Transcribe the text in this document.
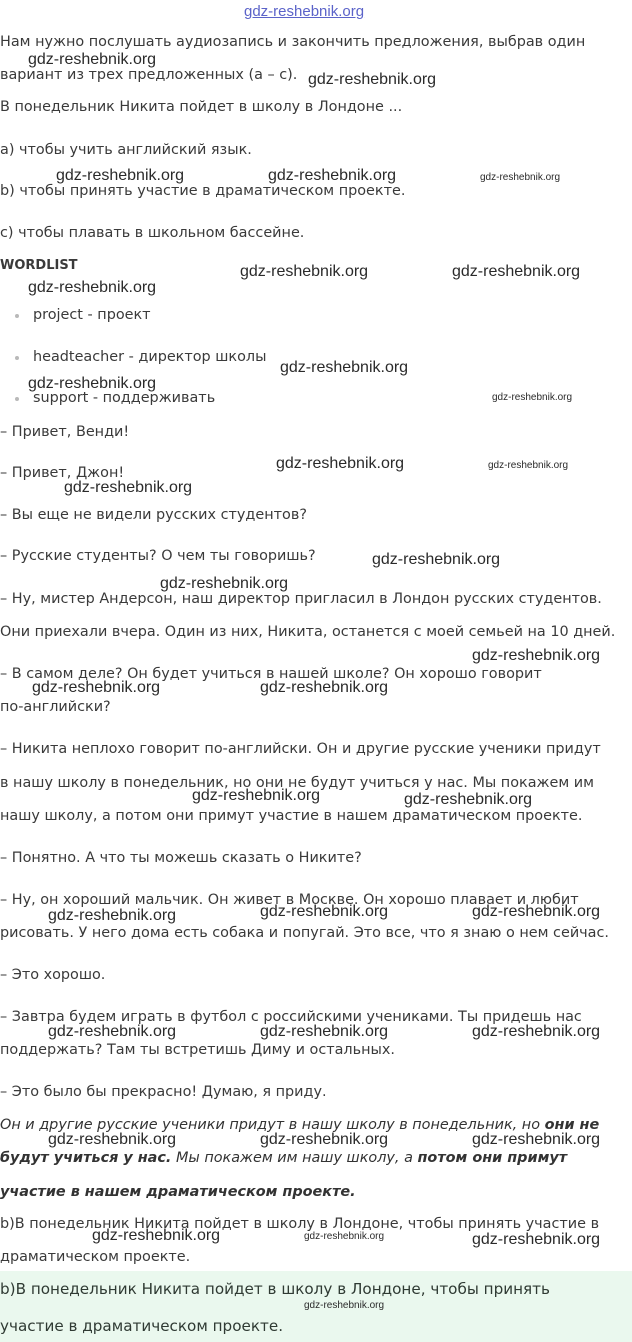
gdz-reshebnik.org
Нам нужно послушать аудиозапись и закончить предложения, выбрав один
вариант из трех предложенных (a – c).
В понедельник Никита пойдет в школу в Лондоне ...
a) чтобы учить английский язык.
b) чтобы принять участие в драматическом проекте.
c) чтобы плавать в школьном бассейне.
WORDLIST
project - проект
headteacher - директор школы
support - поддерживать
– Привет, Венди!
– Привет, Джон!
– Вы еще не видели русских студентов?
– Русские студенты? О чем ты говоришь?
– Ну, мистер Андерсон, наш директор пригласил в Лондон русских студентов.
Они приехали вчера. Один из них, Никита, останется с моей семьей на 10 дней.
– В самом деле? Он будет учиться в нашей школе? Он хорошо говорит
по-английски?
– Никита неплохо говорит по-английски. Он и другие русские ученики придут
в нашу школу в понедельник, но они не будут учиться у нас. Мы покажем им
нашу школу, а потом они примут участие в нашем драматическом проекте.
– Понятно. А что ты можешь сказать о Никите?
– Ну, он хороший мальчик. Он живет в Москве. Он хорошо плавает и любит
рисовать. У него дома есть собака и попугай. Это все, что я знаю о нем сейчас.
– Это хорошо.
– Завтра будем играть в футбол с российскими учениками. Ты придешь нас
поддержать? Там ты встретишь Диму и остальных.
– Это было бы прекрасно! Думаю, я приду.
Он и другие русские ученики придут в нашу школу в понедельник, но они не
будут учиться у нас. Мы покажем им нашу школу, а потом они примут
участие в нашем драматическом проекте.
b)В понедельник Никита пойдет в школу в Лондоне, чтобы принять участие в
драматическом проекте.
b)В понедельник Никита пойдет в школу в Лондоне, чтобы принять
участие в драматическом проекте.
gdz-reshebnik.org
gdz-reshebnik.org
gdz-reshebnik.org	gdz-reshebnik.org	gdz-reshebnik.org
gdz-reshebnik.org	gdz-reshebnik.org
gdz-reshebnik.org
gdz-reshebnik.org
gdz-reshebnik.org
gdz-reshebnik.org
gdz-reshebnik.org	gdz-reshebnik.org
gdz-reshebnik.org
gdz-reshebnik.org
gdz-reshebnik.org
gdz-reshebnik.org
gdz-reshebnik.org	gdz-reshebnik.org
gdz-reshebnik.org	gdz-reshebnik.org
gdz-reshebnik.org	gdz-reshebnik.org	gdz-reshebnik.org
gdz-reshebnik.org	gdz-reshebnik.org	gdz-reshebnik.org
gdz-reshebnik.org	gdz-reshebnik.org	gdz-reshebnik.org
gdz-reshebnik.org	gdz-reshebnik.org	gdz-reshebnik.org
gdz-reshebnik.org
